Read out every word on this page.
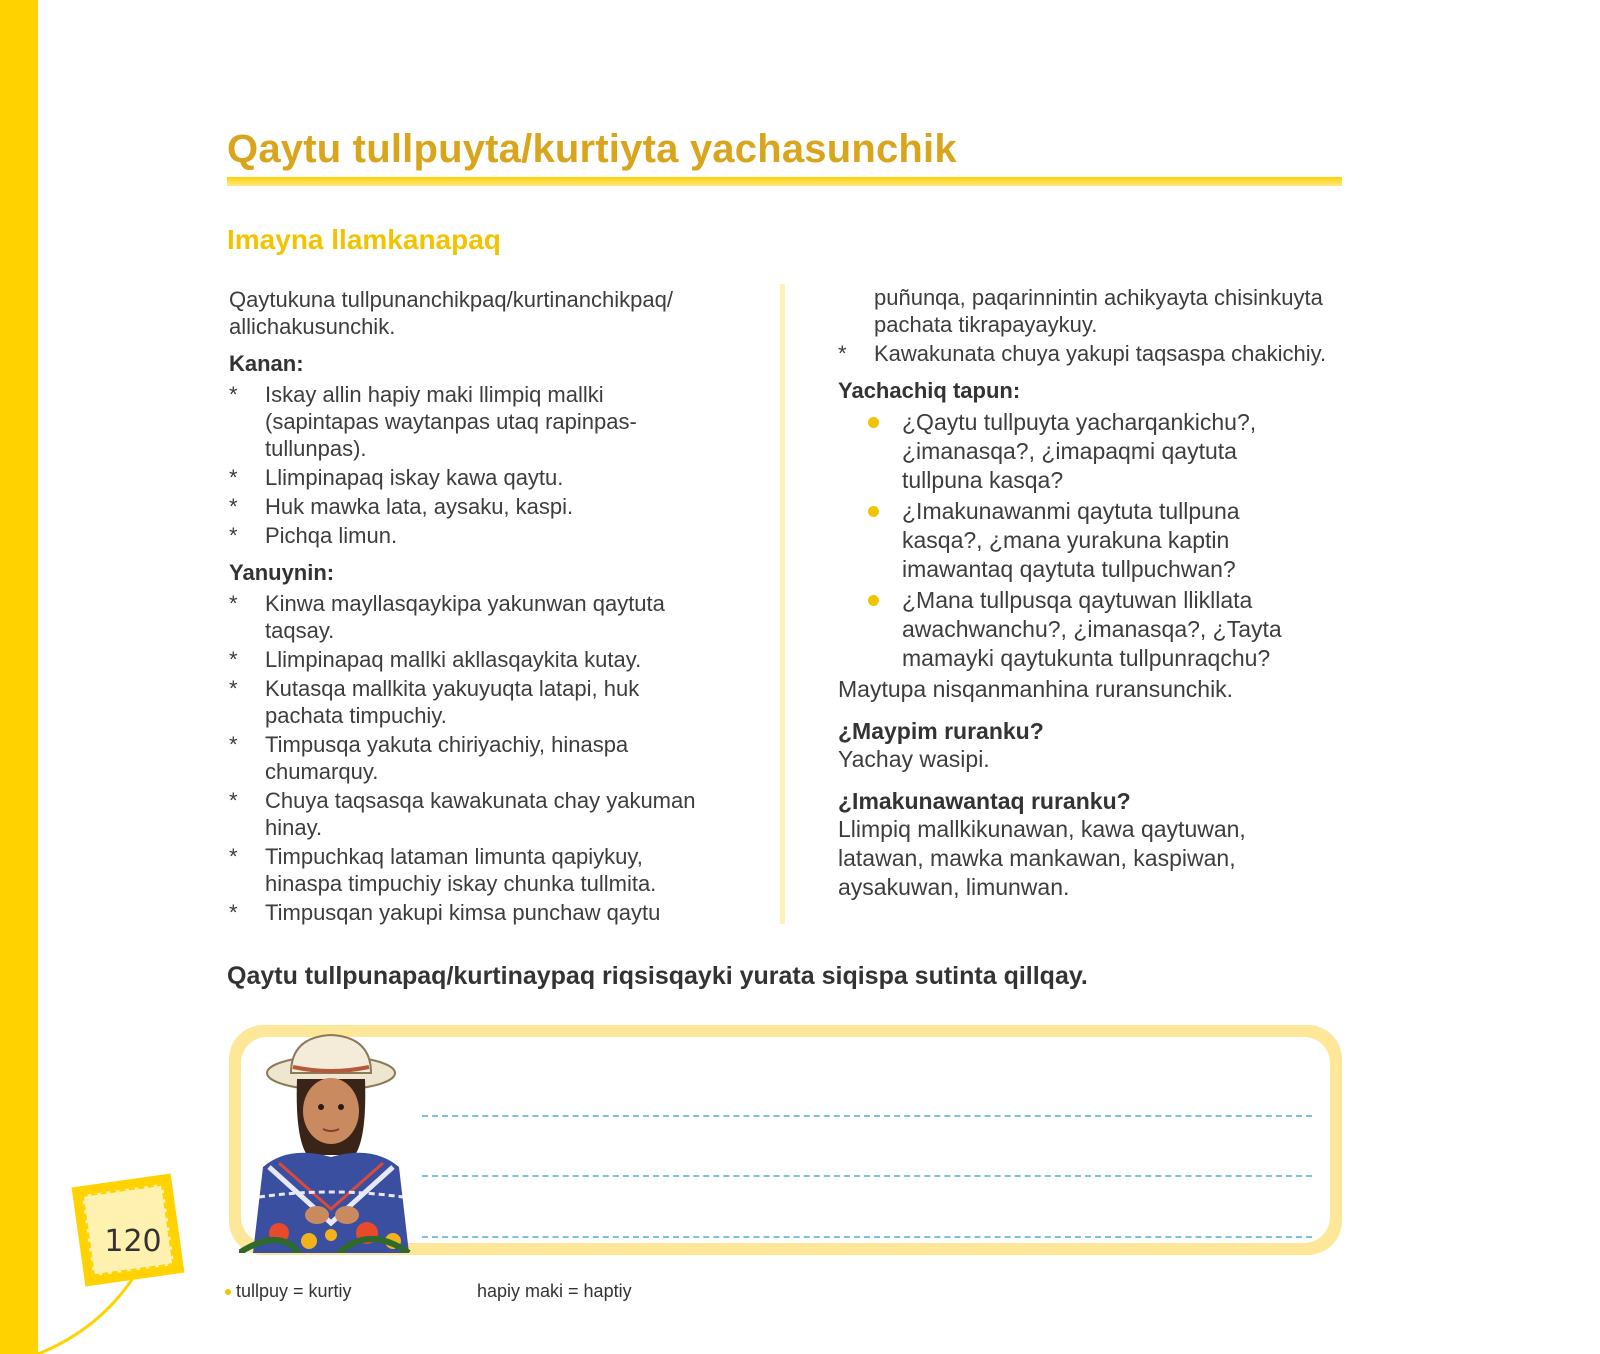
Qaytu tullpuyta/kurtiyta yachasunchik
Imayna llamkanapaq

Qaytukuna tullpunanchikpaq/kurtinanchikpaq/

allichakusunchik.

Kanan:
* Iskay allin hapiy maki llimpiq mallki
(sapintapas waytanpas utaq rapinpas-
tullunpas).
* Llimpinapaq iskay kawa qaytu.
* Huk mawka lata, aysaku, kaspi.
* Pichqa limun.
Yanuynin:
* Kinwa mayllasqaykipa yakunwan qaytuta
taqsay.
* Llimpinapaq mallki akllasqaykita kutay.
* Kutasqa mallkita yakuyuqta latapi, huk
pachata timpuchiy.
* Timpusqa yakuta chiriyachiy, hinaspa
chumarquy.
* Chuya taqsasqa kawakunata chay yakuman
hinay.
* Timpuchkaq lataman limunta qapiykuy,
hinaspa timpuchiy iskay chunka tullmita.
* Timpusqan yakupi kimsa punchaw qaytu

puñunqa, paqarinnintin achikyayta chisinkuyta

pachata tikrapayaykuy.

* Kawakunata chuya yakupi taqsaspa chakichiy.
Yachachiq tapun:
¿Qaytu tullpuyta yacharqankichu?,
¿imanasqa?, ¿imapaqmi qaytuta
tullpuna kasqa?
¿Imakunawanmi qaytuta tullpuna
kasqa?, ¿mana yurakuna kaptin
imawantaq qaytuta tullpuchwan?
¿Mana tullpusqa qaytuwan llikllata
awachwanchu?, ¿imanasqa?, ¿Tayta
mamayki qaytukunta tullpunraqchu?
Maytupa nisqanmanhina ruransunchik.
¿Maypim ruranku?
Yachay wasipi.
¿Imakunawantaq ruranku?
Llimpiq mallkikunawan, kawa qaytuwan,
latawan, mawka mankawan, kaspiwan,
aysakuwan, limunwan.
Qaytu tullpunapaq/kurtinaypaq riqsisqayki yurata siqispa sutinta qillqay.
120
tullpuy = kurtiy	hapiy maki = haptiy
